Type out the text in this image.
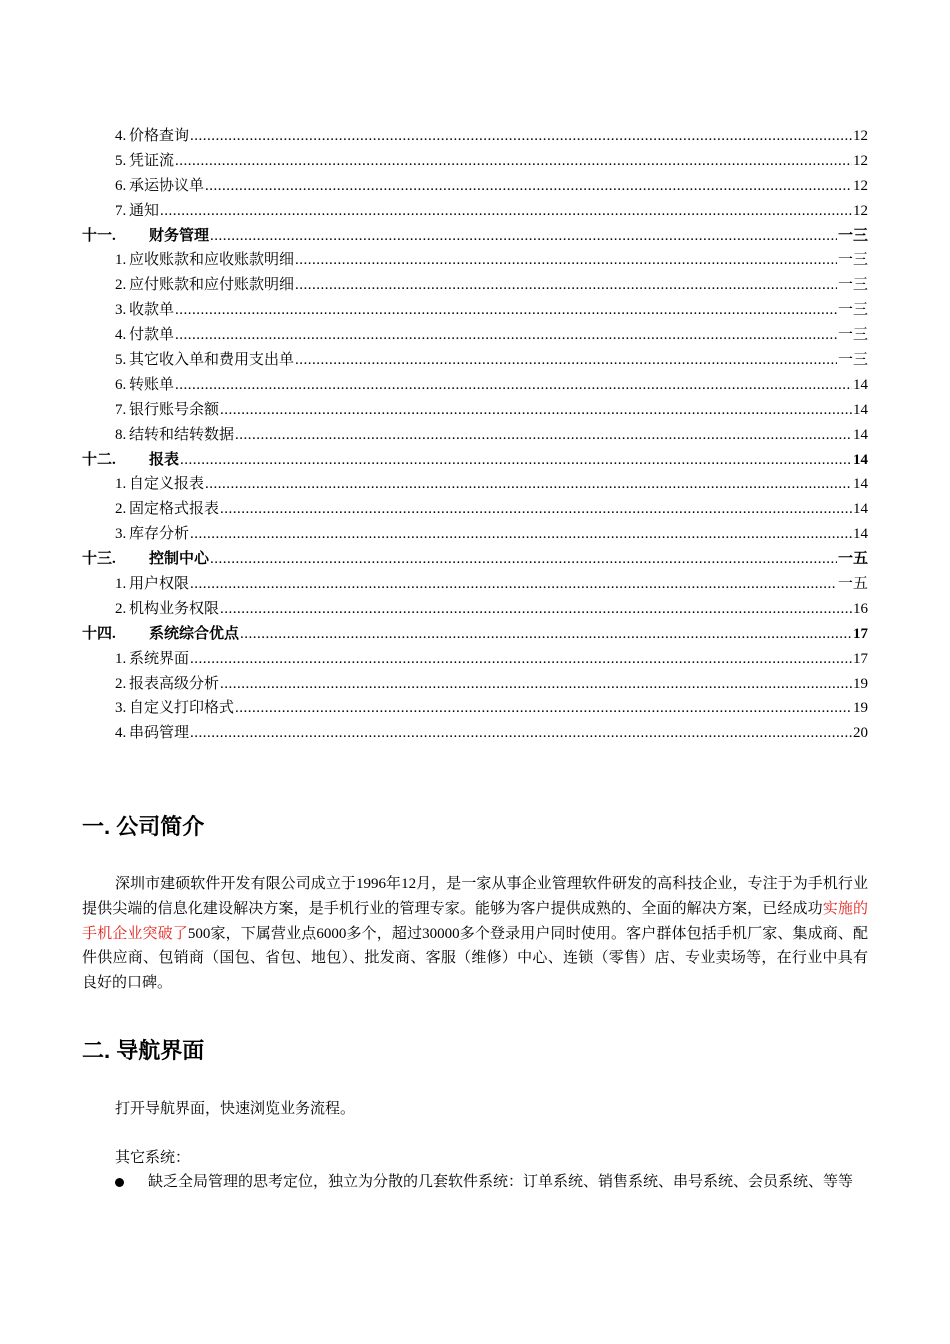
4. 价格查询 .....	12
5. 凭证流 .....	12
6. 承运协议单 .....	12
7. 通知 .....	12
十一.	财务管理 .....	一三
1. 应收账款和应收账款明细 .....	一三
2. 应付账款和应付账款明细 .....	一三
3. 收款单 .....	一三
4. 付款单 .....	一三
5. 其它收入单和费用支出单 .....	一三
6. 转账单 .....	14
7. 银行账号余额 .....	14
8. 结转和结转数据 .....	14
十二.	报表 .....	14
1. 自定义报表 .....	14
2. 固定格式报表 .....	14
3. 库存分析 .....	14
十三.	控制中心 .....	一五
1. 用户权限 .....	一五
2. 机构业务权限 .....	16
十四.	系统综合优点 .....	17
1. 系统界面 .....	17
2. 报表高级分析 .....	19
3. 自定义打印格式 .....	19
4. 串码管理 .....	20
一. 公司简介

深圳市建硕软件开发有限公司成立于1996年12月，是一家从事企业管理软件研发的高科技企业，专注于为手机行业提供尖端的信息化建设解决方案，是手机行业的管理专家。能够为客户提供成熟的、全面的解决方案，已经成功实施的手机企业突破了500家，下属营业点6000多个，超过30000多个登录用户同时使用。客户群体包括手机厂家、集成商、配件供应商、包销商（国包、省包、地包）、批发商、客服（维修）中心、连锁（零售）店、专业卖场等，在行业中具有良好的口碑。

二. 导航界面

打开导航界面，快速浏览业务流程。

其它系统：

缺乏全局管理的思考定位，独立为分散的几套软件系统：订单系统、销售系统、串号系统、会员系统、等等
